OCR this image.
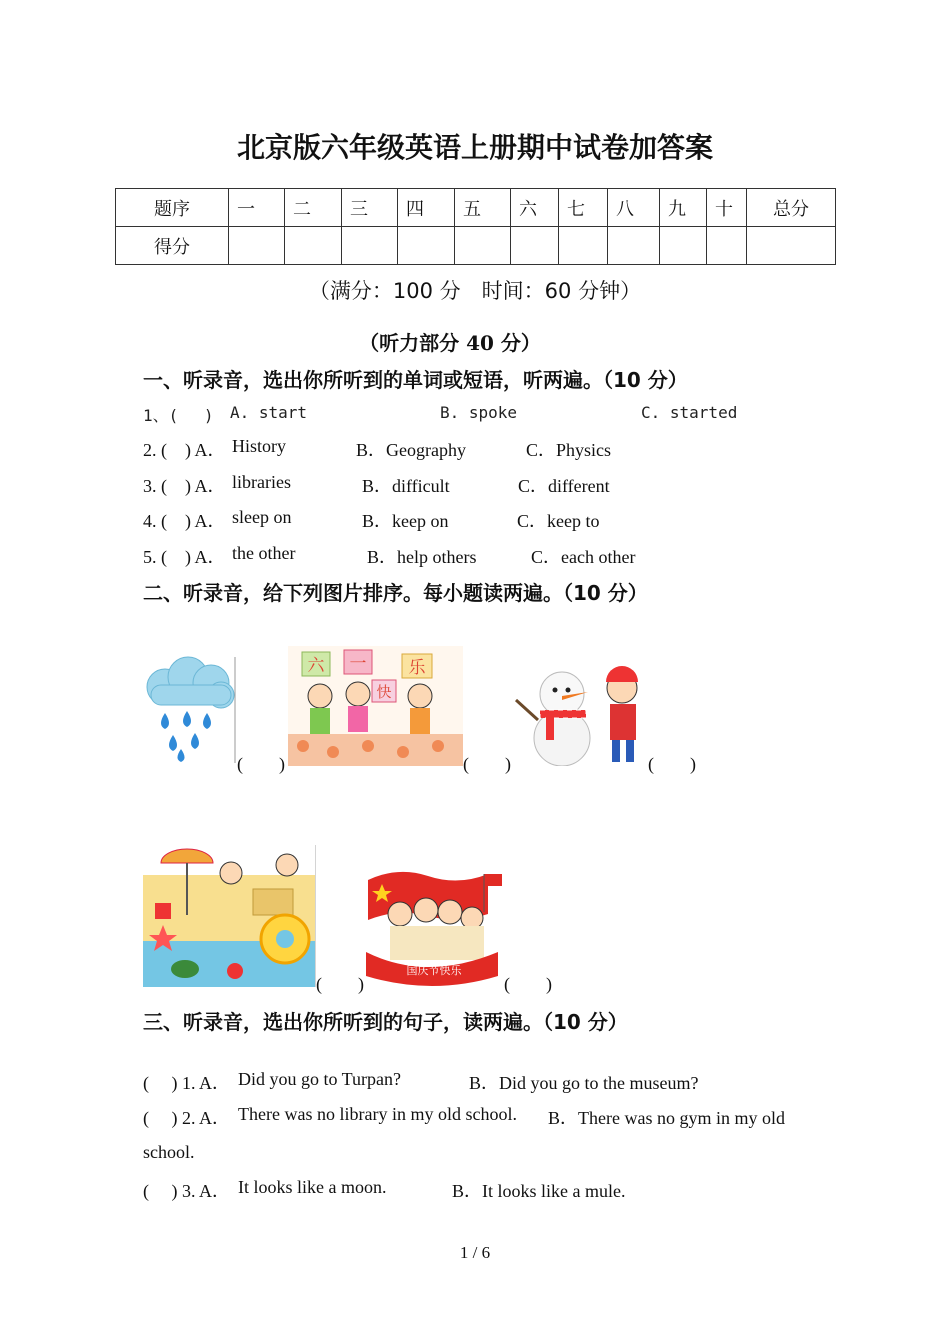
北京版六年级英语上册期中试卷加答案
题序	一	二	三	四	五	六	七	八	九	十	总分
得分											
（满分：100 分　时间：60 分钟）
（听力部分 40 分）
一、听录音，选出你所听到的单词或短语，听两遍。（10 分）
1、(　 ) A. start	B. spoke	C. started
2. (　) A． History	B．Geography	C．Physics
3. (　) A． libraries	B．difficult	C．different
4. (　) A． sleep on	B．keep on	C．keep to
5. (　) A． the other	B．help others	C．each other
二、听录音，给下列图片排序。每小题读两遍。（10 分）
(　　)
六 一
快
乐
(　　)	(　　)
(　　)
国庆节快乐
(　　)
三、听录音，选出你所听到的句子，读两遍。（10 分）
(　 ) 1. A． Did you go to Turpan?	B．Did you go to the museum?
(　 ) 2. A． There was no library in my old school. B．There was no gym in my old
school.
(　 ) 3. A． It looks like a moon.	B．It looks like a mule.
1 / 6
